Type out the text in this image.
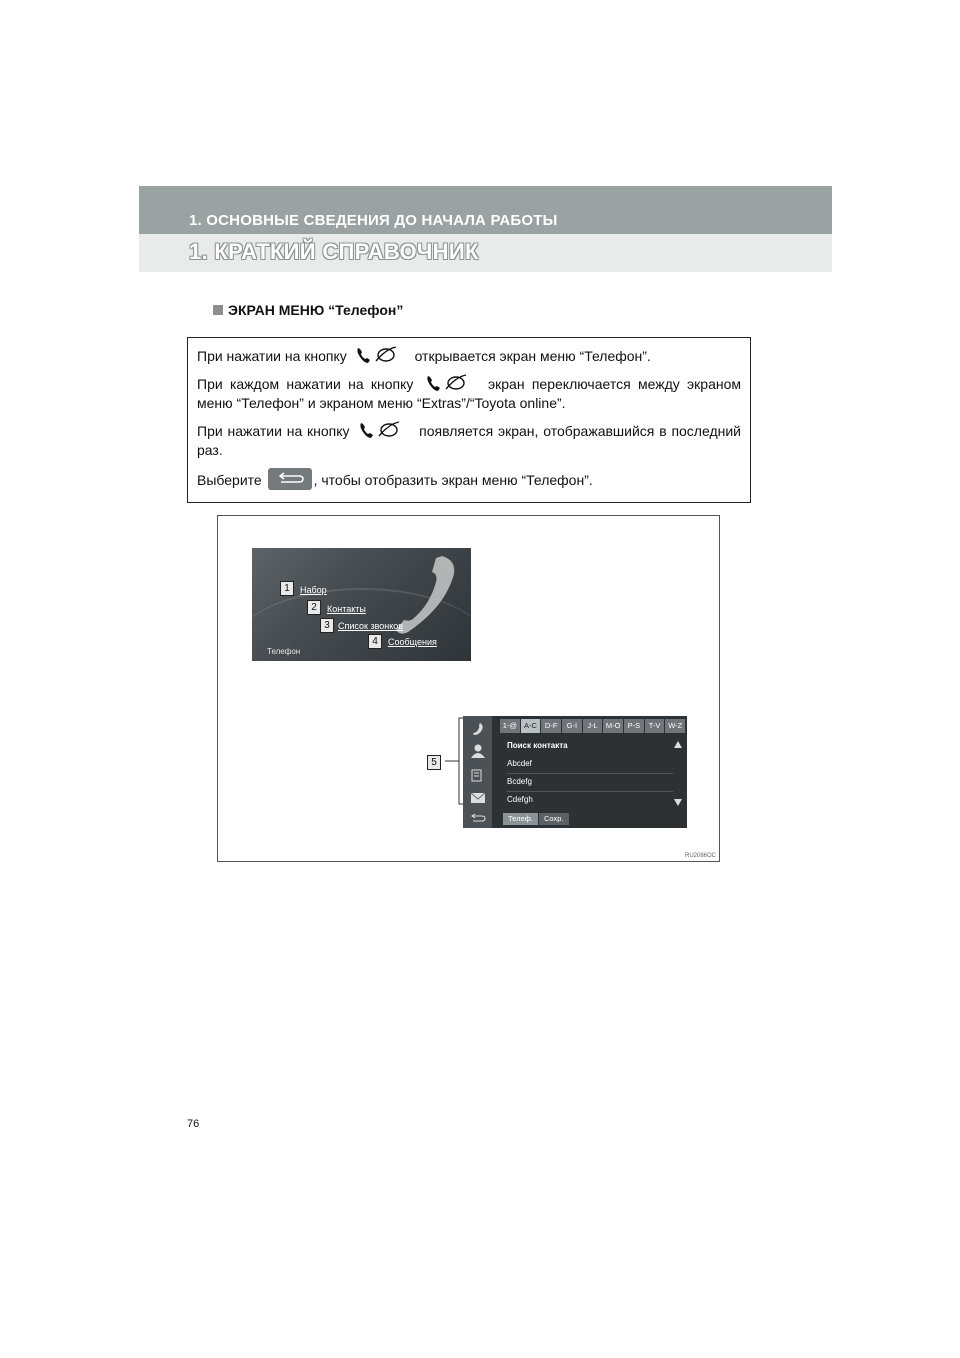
1. ОСНОВНЫЕ СВЕДЕНИЯ ДО НАЧАЛА РАБОТЫ
1. КРАТКИЙ СПРАВОЧНИК
ЭКРАН МЕНЮ “Телефон”

При нажатии на кнопку	открывается экран меню “Телефон”.

При каждом нажатии на кнопку	экран переключается между экраном меню “Телефон” и экраном меню “Extras”/“Toyota online”.

При нажатии на кнопку	появляется экран, отображавшийся в последний раз.

Выберите	, чтобы отобразить экран меню “Телефон”.

RU2086OC
1	Набор
2	Контакты
3 Список звонков
4	Сообщения
Телефон
5
1-@ A-C	D-F	G-I	J-L	M-O P-S	T-V	W-Z
Поиск контакта
Abcdef
Bcdefg
Cdefgh
Телеф.	Сохр.
76
